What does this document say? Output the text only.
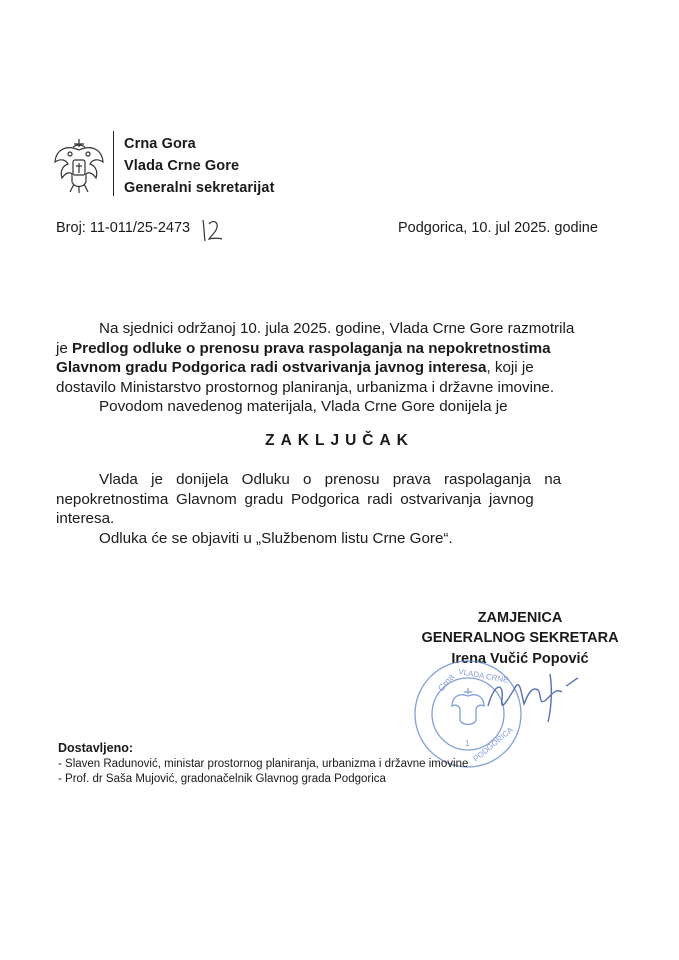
Crna Gora
Vlada Crne Gore
Generalni sekretarijat
Broj: 11-011/25-2473	Podgorica, 10. jul 2025. godine
Na sjednici održanoj 10. jula 2025. godine, Vlada Crne Gore razmotrila
je Predlog odluke o prenosu prava raspolaganja na nepokretnostima
Glavnom gradu Podgorica radi ostvarivanja javnog interesa, koji je
dostavilo Ministarstvo prostornog planiranja, urbanizma i državne imovine.
Povodom navedenog materijala, Vlada Crne Gore donijela je
ZAKLJUČAK
Vlada je donijela Odluku o prenosu prava raspolaganja na
nepokretnostima Glavnom gradu Podgorica radi ostvarivanja javnog
interesa.
Odluka će se objaviti u „Službenom listu Crne Gore“.
ZAMJENICA
GENERALNOG SEKRETARA
Irena Vučić Popović
Crna VLADA CRNE
PODGORICA
1
Dostavljeno:
- Slaven Radunović, ministar prostornog planiranja, urbanizma i državne imovine
- Prof. dr Saša Mujović, gradonačelnik Glavnog grada Podgorica
